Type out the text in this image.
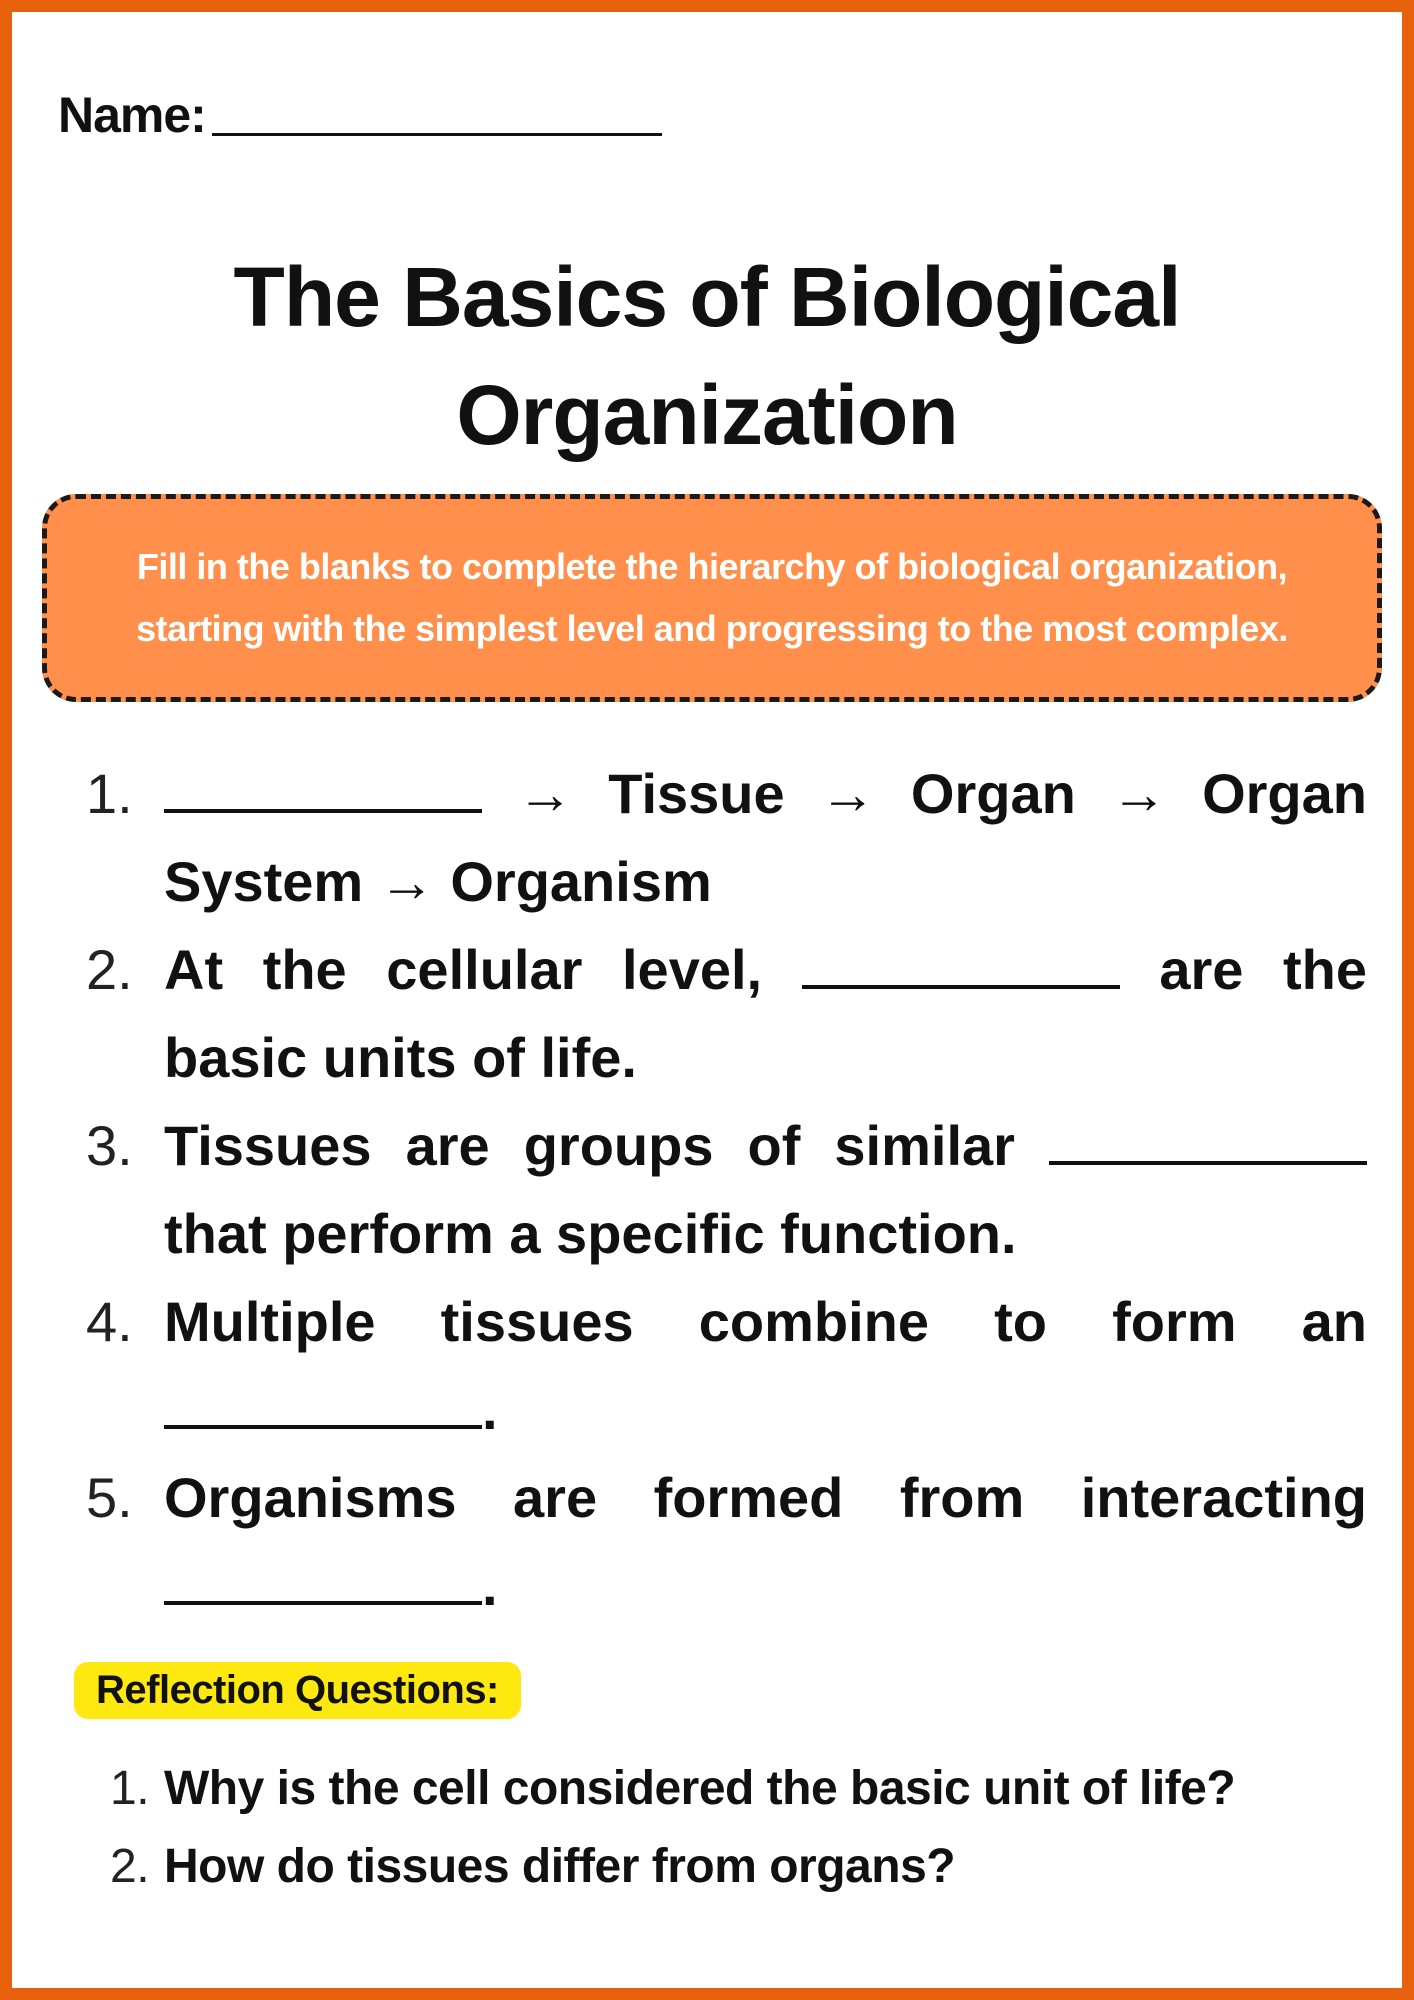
Name:
The Basics of Biological
Organization
Fill in the blanks to complete the hierarchy of biological organization,
starting with the simplest level and progressing to the most complex.
1.	→ Tissue → Organ → Organ System → Organism
2. At the cellular level,	are the basic units of life.
3. Tissues are groups of similar  that perform a specific function.
4. Multiple tissues combine to form an
.
5. Organisms are formed from interacting
.
Reflection Questions:
1. Why is the cell considered the basic unit of life?
2. How do tissues differ from organs?
